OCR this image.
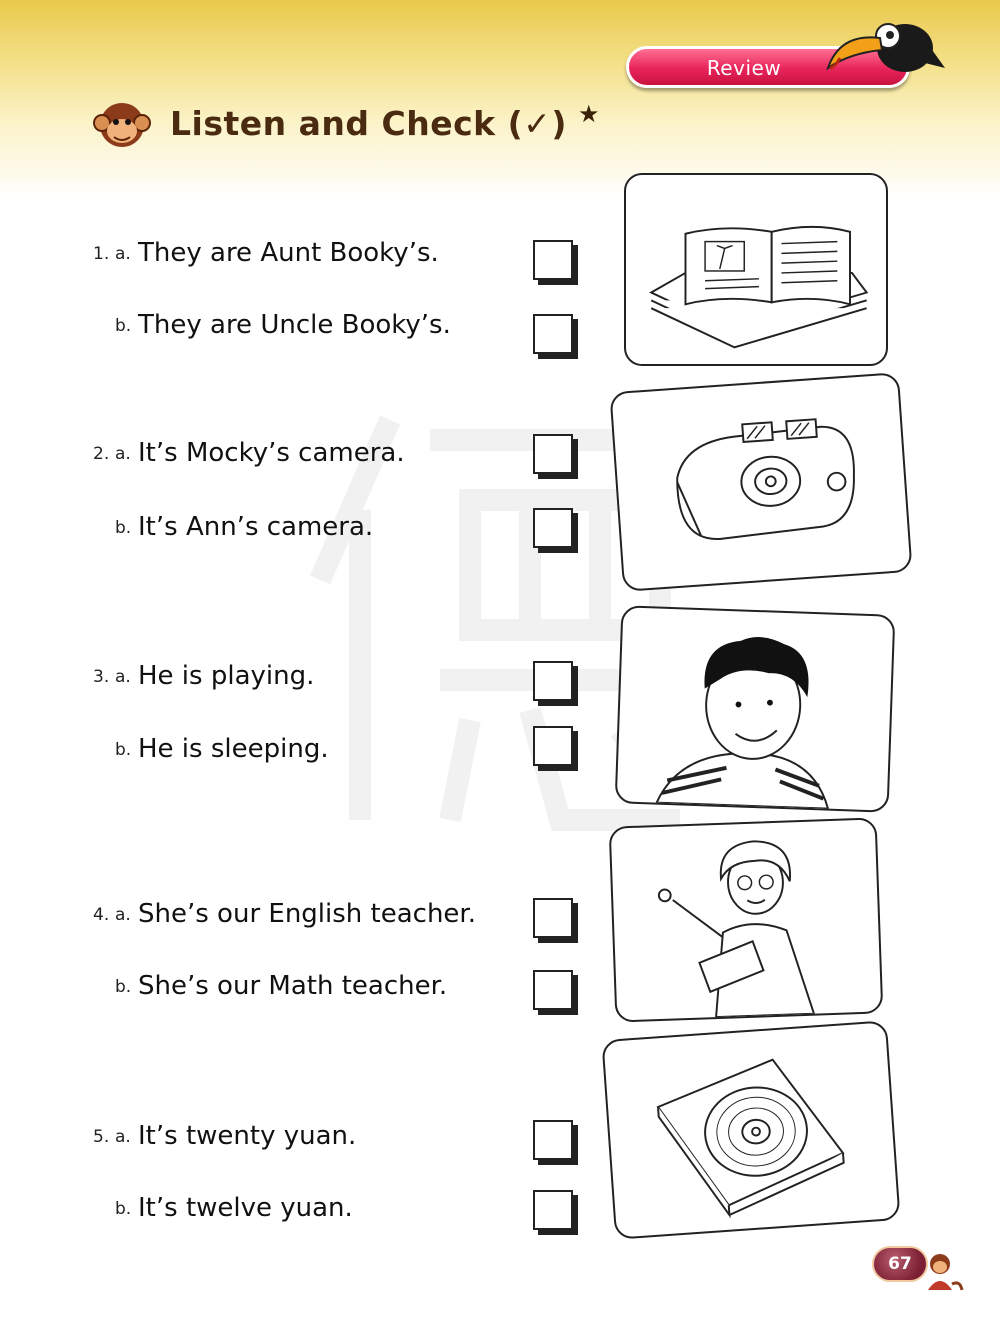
Review
Listen and Check (✓) ★
1. a. They are Aunt Booky’s.
b. They are Uncle Booky’s.
2. a. It’s Mocky’s camera.
b. It’s Ann’s camera.
3. a. He is playing.
b. He is sleeping.
4. a. She’s our English teacher.
b. She’s our Math teacher.
5. a. It’s twenty yuan.
b. It’s twelve yuan.
67
